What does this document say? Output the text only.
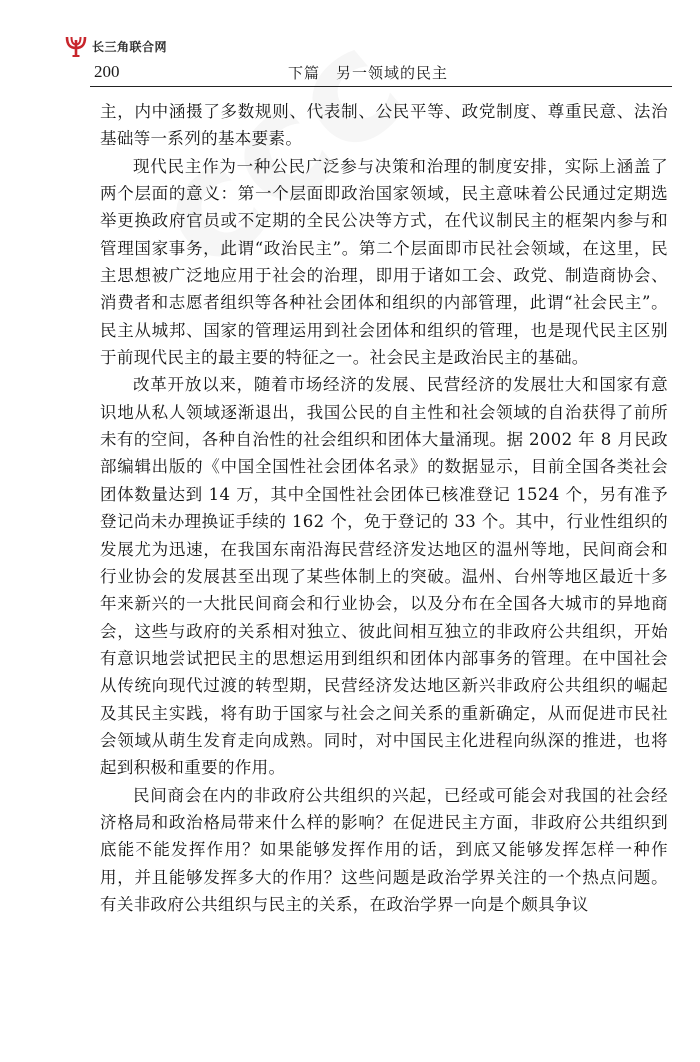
长三角联合网
200	下篇　另一领域的民主

主，内中涵摄了多数规则、代表制、公民平等、政党制度、尊重民意、法治基础等一系列的基本要素。

现代民主作为一种公民广泛参与决策和治理的制度安排，实际上涵盖了两个层面的意义：第一个层面即政治国家领域，民主意味着公民通过定期选举更换政府官员或不定期的全民公决等方式，在代议制民主的框架内参与和管理国家事务，此谓“政治民主”。第二个层面即市民社会领域，在这里，民主思想被广泛地应用于社会的治理，即用于诸如工会、政党、制造商协会、消费者和志愿者组织等各种社会团体和组织的内部管理，此谓“社会民主”。民主从城邦、国家的管理运用到社会团体和组织的管理，也是现代民主区别于前现代民主的最主要的特征之一。社会民主是政治民主的基础。

改革开放以来，随着市场经济的发展、民营经济的发展壮大和国家有意识地从私人领域逐渐退出，我国公民的自主性和社会领域的自治获得了前所未有的空间，各种自治性的社会组织和团体大量涌现。据 2002 年 8 月民政部编辑出版的《中国全国性社会团体名录》的数据显示，目前全国各类社会团体数量达到 14 万，其中全国性社会团体已核准登记 1524 个，另有准予登记尚未办理换证手续的 162 个，免于登记的 33 个。其中，行业性组织的发展尤为迅速，在我国东南沿海民营经济发达地区的温州等地，民间商会和行业协会的发展甚至出现了某些体制上的突破。温州、台州等地区最近十多年来新兴的一大批民间商会和行业协会，以及分布在全国各大城市的异地商会，这些与政府的关系相对独立、彼此间相互独立的非政府公共组织，开始有意识地尝试把民主的思想运用到组织和团体内部事务的管理。在中国社会从传统向现代过渡的转型期，民营经济发达地区新兴非政府公共组织的崛起及其民主实践，将有助于国家与社会之间关系的重新确定，从而促进市民社会领域从萌生发育走向成熟。同时，对中国民主化进程向纵深的推进，也将起到积极和重要的作用。

民间商会在内的非政府公共组织的兴起，已经或可能会对我国的社会经济格局和政治格局带来什么样的影响？在促进民主方面，非政府公共组织到底能不能发挥作用？如果能够发挥作用的话，到底又能够发挥怎样一种作用，并且能够发挥多大的作用？这些问题是政治学界关注的一个热点问题。有关非政府公共组织与民主的关系，在政治学界一向是个颇具争议
